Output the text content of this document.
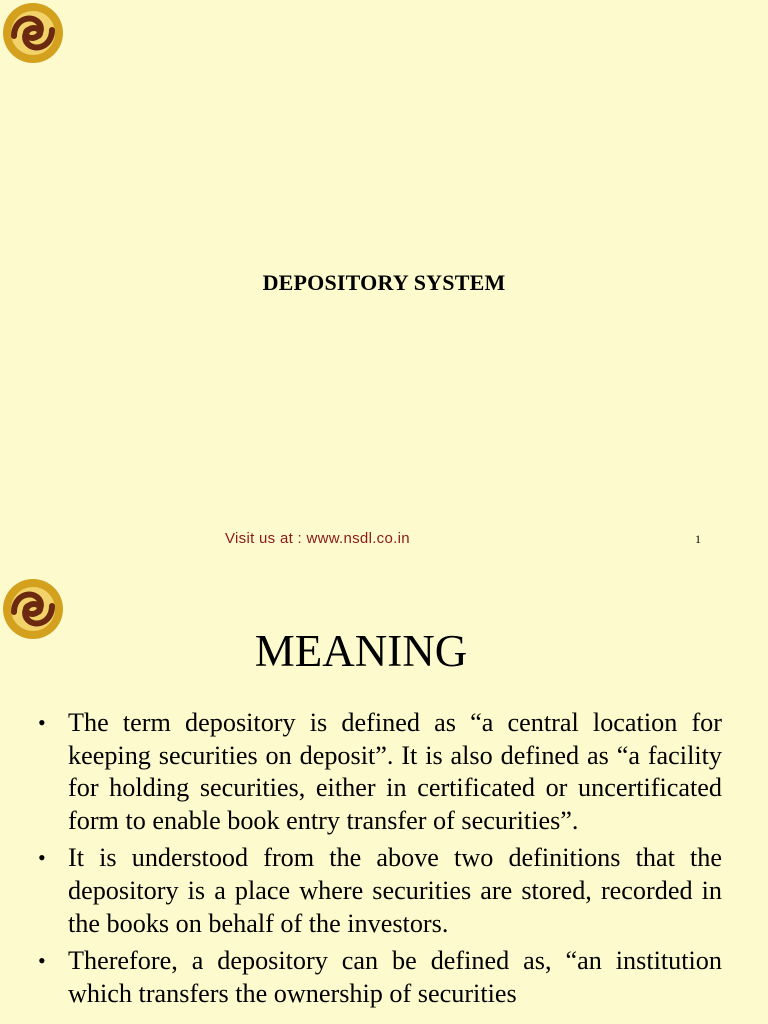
DEPOSITORY SYSTEM
Visit us at : www.nsdl.co.in	1
MEANING
• The term depository is defined as “a central location for keeping securities on deposit”. It is also defined as “a facility for holding securities, either in certificated or uncertificated form to enable book entry transfer of securities”.
• It is understood from the above two definitions that the depository is a place where securities are stored, recorded in the books on behalf of the investors.
• Therefore, a depository can be defined as, “an institution which transfers the ownership of securities
